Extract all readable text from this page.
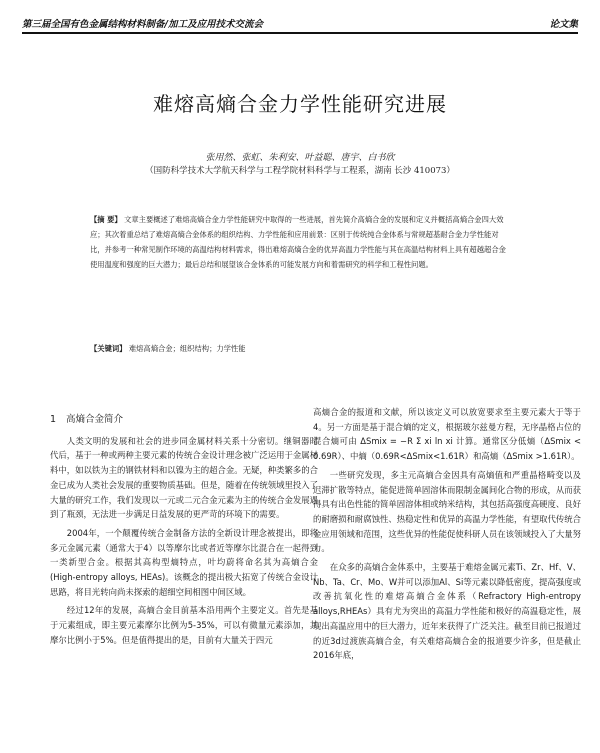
第三届全国有色金属结构材料制备/加工及应用技术交流会	论文集
难熔高熵合金力学性能研究进展
张用然、张虹、朱利安、叶益聪、唐宇、白书欣
（国防科学技术大学航天科学与工程学院材料科学与工程系，湖南 长沙 410073）
【摘 要】 文章主要概述了难熔高熵合金力学性能研究中取得的一些进展，首先简介高熵合金的发展和定义并概括高熵合金四大效应；其次着重总结了难熔高熵合金体系的组织结构、力学性能和应用前景：区别于传统纯合金体系与常规超基耐合金力学性能对比，并参考一种常见制作环境的高温结构材料需求，得出难熔高熵合金的优异高温力学性能与其在高温结构材料上具有超越超合金使用温度和强度的巨大潜力；最后总结和展望该合金体系的可能发展方向和着需研究的科学和工程性问题。
【关键词】 难熔高熵合金；组织结构；力学性能
1 高熵合金简介

人类文明的发展和社会的进步同金属材料关系十分密切。继铜器时代后，基于一种或两种主要元素的传统合金设计理念被广泛运用于金属材料中，如以铁为主的钢铁材料和以镍为主的超合金。无疑，种类繁多的合金已成为人类社会发展的重要物质基础。但是，随着在传统领域里投入了大量的研究工作，我们发现以一元或二元合金元素为主的传统合金发展遇到了瓶颈，无法进一步满足日益发展的更严苛的环境下的需要。

2004年，一个颠覆传统合金制备方法的全新设计理念被提出，即将多元金属元素（通常大于4）以等摩尔比或者近等摩尔比混合在一起得到一类新型合金。根据其高构型熵特点，叶均蔚将命名其为高熵合金(High-entropy alloys, HEAs)。该概念的提出极大拓宽了传统合金设计思路，将目光转向尚未探索的超细空间相图中间区域。

经过12年的发展，高熵合金目前基本沿用两个主要定义。首先是基于元素组成，即主要元素摩尔比例为5-35%，可以有微量元素添加，其摩尔比例小于5%。但是值得提出的是，目前有大量关于四元

高熵合金的报道和文献，所以该定义可以放宽要求至主要元素大于等于4。另一方面是基于混合熵的定义，根据玻尔兹曼方程，无序晶格占位的混合熵可由 ΔSmix = −R Σ xi ln xi 计算。通常区分低熵（ΔSmix < 0.69R）、中熵（0.69R<ΔSmix<1.61R）和高熵（ΔSmix >1.61R）。

一些研究发现，多主元高熵合金因具有高熵值和严重晶格畸变以及迟滞扩散等特点，能促进简单固溶体而限制金属间化合物的形成，从而获得具有出色性能的简单固溶体相或纳米结构，其包括高强度高硬度、良好的耐磨损和耐腐蚀性、热稳定性和优异的高温力学性能，有望取代传统合金应用领域和范围，这些优异的性能促使科研人员在该领域投入了大量努力。

在众多的高熵合金体系中，主要基于难熔金属元素Ti、Zr、Hf、V、Nb、Ta、Cr、Mo、W并可以添加Al、Si等元素以降低密度，提高强度或改善抗氧化性的难熔高熵合金体系（Refractory High-entropy alloys,RHEAs）具有尤为突出的高温力学性能和极好的高温稳定性，展现出高温应用中的巨大潜力，近年来获得了广泛关注。截至目前已报道过的近3d过渡族高熵合金，有关难熔高熵合金的报道要少许多，但是截止2016年底，
